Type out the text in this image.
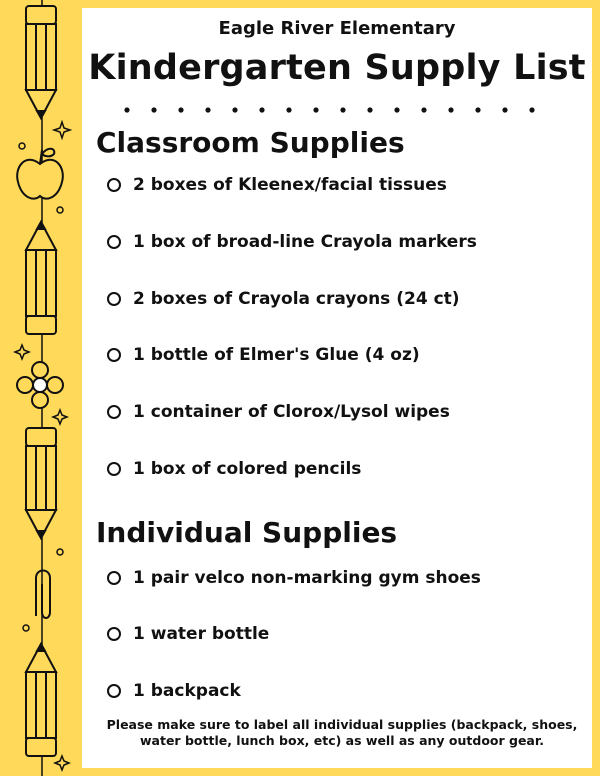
Eagle River Elementary
Kindergarten Supply List
Classroom Supplies
2 boxes of Kleenex/facial tissues
1 box of broad-line Crayola markers
2 boxes of Crayola crayons (24 ct)
1 bottle of Elmer's Glue (4 oz)
1 container of Clorox/Lysol wipes
1 box of colored pencils
Individual Supplies
1 pair velco non-marking gym shoes
1 water bottle
1 backpack
Please make sure to label all individual supplies (backpack, shoes, water bottle, lunch box, etc) as well as any outdoor gear.
